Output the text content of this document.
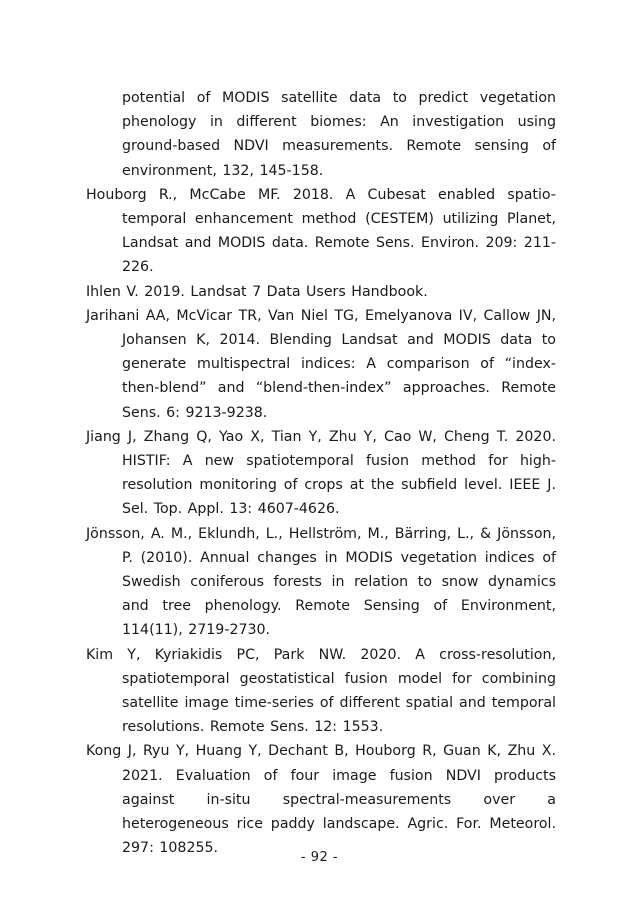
potential of MODIS satellite data to predict vegetation phenology in different biomes: An investigation using ground-based NDVI measurements. Remote sensing of environment, 132, 145-158.

Houborg R., McCabe MF. 2018. A Cubesat enabled spatio-temporal enhancement method (CESTEM) utilizing Planet, Landsat and MODIS data. Remote Sens. Environ. 209: 211-226.

Ihlen V. 2019. Landsat 7 Data Users Handbook.

Jarihani AA, McVicar TR, Van Niel TG, Emelyanova IV, Callow JN, Johansen K, 2014. Blending Landsat and MODIS data to generate multispectral indices: A comparison of “index-then-blend” and “blend-then-index” approaches. Remote Sens. 6: 9213-9238.

Jiang J, Zhang Q, Yao X, Tian Y, Zhu Y, Cao W, Cheng T. 2020. HISTIF: A new spatiotemporal fusion method for high-resolution monitoring of crops at the subfield level. IEEE J. Sel. Top. Appl. 13: 4607-4626.

Jönsson, A. M., Eklundh, L., Hellström, M., Bärring, L., & Jönsson, P. (2010). Annual changes in MODIS vegetation indices of Swedish coniferous forests in relation to snow dynamics and tree phenology. Remote Sensing of Environment, 114(11), 2719-2730.

Kim Y, Kyriakidis PC, Park NW. 2020. A cross-resolution, spatiotemporal geostatistical fusion model for combining satellite image time-series of different spatial and temporal resolutions. Remote Sens. 12: 1553.

Kong J, Ryu Y, Huang Y, Dechant B, Houborg R, Guan K, Zhu X. 2021. Evaluation of four image fusion NDVI products against in-situ spectral-measurements over a heterogeneous rice paddy landscape. Agric. For. Meteorol. 297: 108255.

- 92 -
